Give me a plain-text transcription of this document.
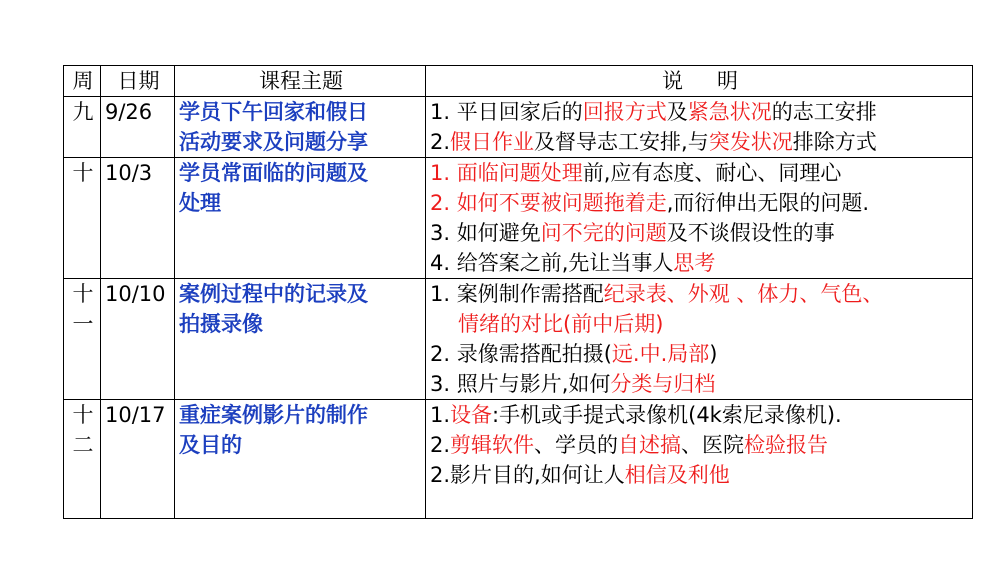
周	日期	课程主题	说 明

九	9/26	学员下午回家和假日
活动要求及问题分享	1. 平日回家后的回报方式及紧急状况的志工安排
2.假日作业及督导志工安排,与突发状况排除方式

十	10/3	学员常面临的问题及
处理	1. 面临问题处理前,应有态度、耐心、同理心
2. 如何不要被问题拖着走,而衍伸出无限的问题.
3. 如何避免问不完的问题及不谈假设性的事
4. 给答案之前,先让当事人思考

十
一	10/10	案例过程中的记录及
拍摄录像	1. 案例制作需搭配纪录表、外观 、体力、气色、
情绪的对比(前中后期)
2. 录像需搭配拍摄(远.中.局部)
3. 照片与影片,如何分类与归档

十
二	10/17	重症案例影片的制作
及目的	1.设备:手机或手提式录像机(4k索尼录像机).
2.剪辑软件、学员的自述搞、医院检验报告
2.影片目的,如何让人相信及利他
